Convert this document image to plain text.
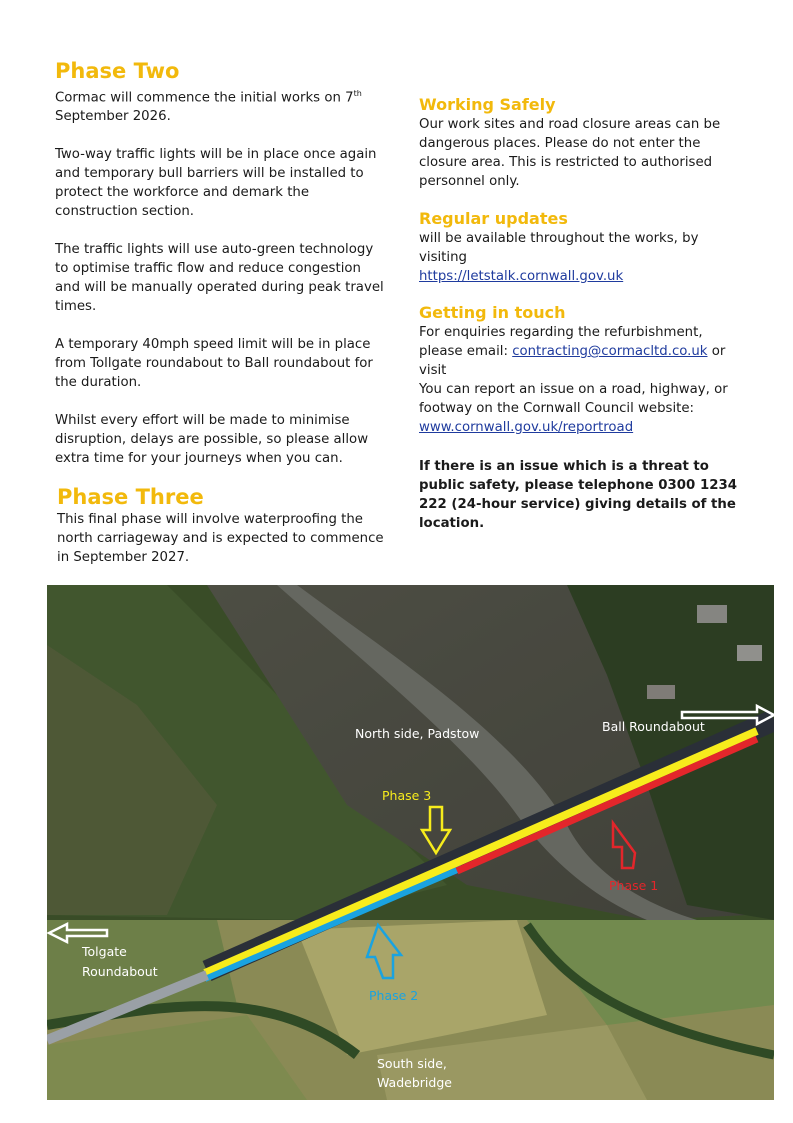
Phase Two

Cormac will commence the initial works on 7th September 2026.

Two-way traffic lights will be in place once again and temporary bull barriers will be installed to protect the workforce and demark the construction section.

The traffic lights will use auto-green technology to optimise traffic flow and reduce congestion and will be manually operated during peak travel times.

A temporary 40mph speed limit will be in place from Tollgate roundabout to Ball roundabout for the duration.

Whilst every effort will be made to minimise disruption, delays are possible, so please allow extra time for your journeys when you can.

Phase Three

This final phase will involve waterproofing the north carriageway and is expected to commence in September 2027.

Working Safely

Our work sites and road closure areas can be dangerous places. Please do not enter the closure area. This is restricted to authorised personnel only.

Regular updates

will be available throughout the works, by visiting

https://letstalk.cornwall.gov.uk

Getting in touch

For enquiries regarding the refurbishment, please email: contracting@cormacltd.co.uk or visit

You can report an issue on a road, highway, or footway on the Cornwall Council website:

www.cornwall.gov.uk/reportroad

If there is an issue which is a threat to public safety, please telephone 0300 1234 222 (24-hour service) giving details of the location.

North side, Padstow	Ball Roundabout
Tolgate
Roundabout
South side,
Wadebridge
Phase 3
Phase 2
Phase 1
